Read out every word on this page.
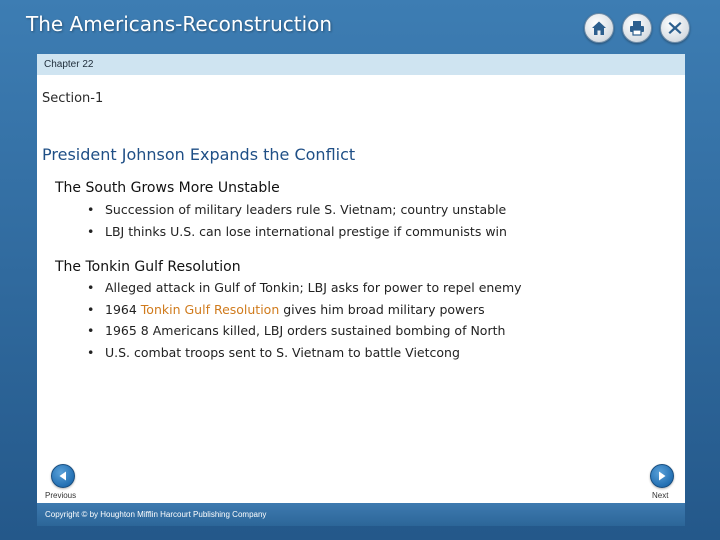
The Americans-Reconstruction
Chapter 22
Section-1
President Johnson Expands the Conflict
The South Grows More Unstable
• Succession of military leaders rule S. Vietnam; country unstable
• LBJ thinks U.S. can lose international prestige if communists win
The Tonkin Gulf Resolution
• Alleged attack in Gulf of Tonkin; LBJ asks for power to repel enemy
• 1964 Tonkin Gulf Resolution gives him broad military powers
• 1965 8 Americans killed, LBJ orders sustained bombing of North
• U.S. combat troops sent to S. Vietnam to battle Vietcong
Previous	Next
Copyright © by Houghton Mifflin Harcourt Publishing Company
